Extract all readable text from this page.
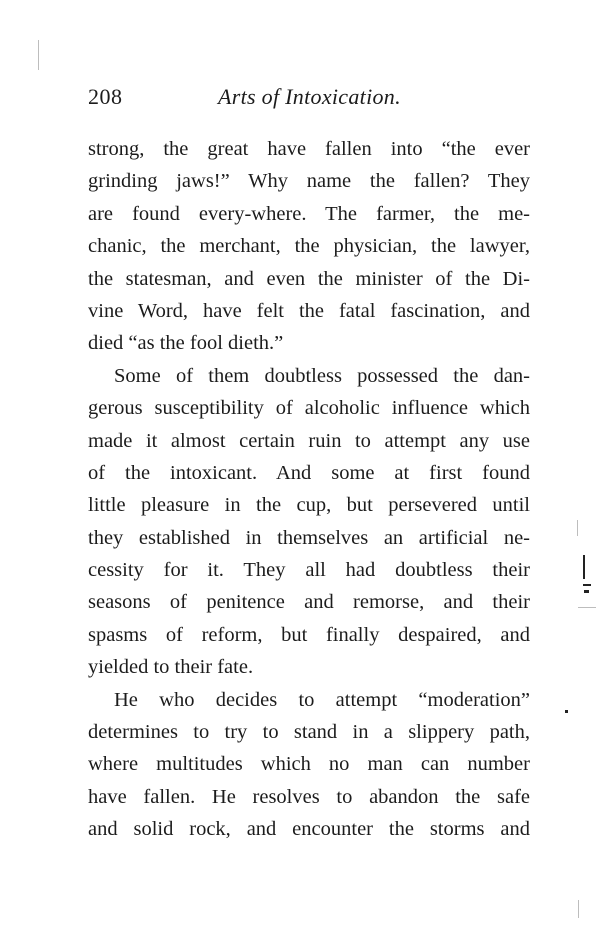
208	Arts of Intoxication.
strong, the great have fallen into “the ever
grinding jaws!” Why name the fallen? They
are found every-where. The farmer, the me-
chanic, the merchant, the physician, the lawyer,
the statesman, and even the minister of the Di-
vine Word, have felt the fatal fascination, and
died “as the fool dieth.”
Some of them doubtless possessed the dan-
gerous susceptibility of alcoholic influence which
made it almost certain ruin to attempt any use
of the intoxicant. And some at first found
little pleasure in the cup, but persevered until
they established in themselves an artificial ne-
cessity for it. They all had doubtless their
seasons of penitence and remorse, and their
spasms of reform, but finally despaired, and
yielded to their fate.
He who decides to attempt “moderation”
determines to try to stand in a slippery path,
where multitudes which no man can number
have fallen. He resolves to abandon the safe
and solid rock, and encounter the storms and
